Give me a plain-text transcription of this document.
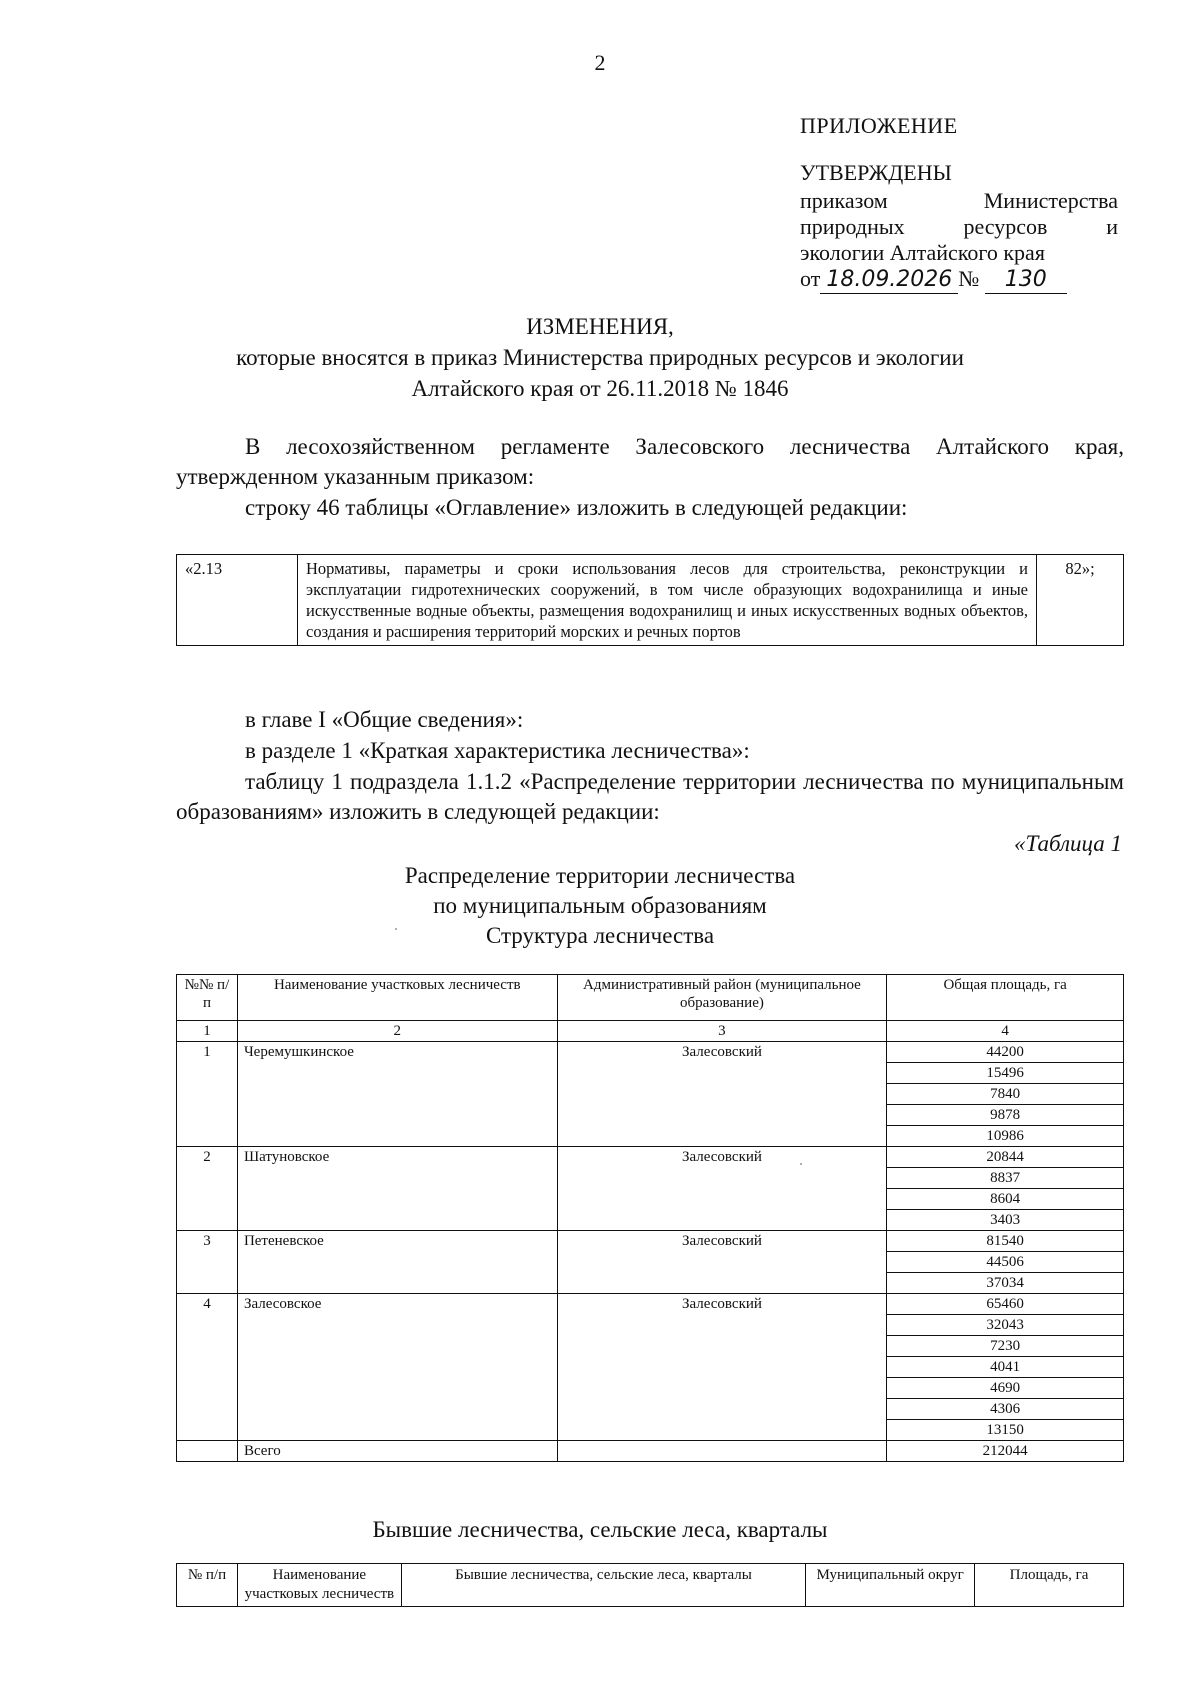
2
ПРИЛОЖЕНИЕ
УТВЕРЖДЕНЫ
приказом      Министерства
природных      ресурсов      и
экологии Алтайского края
от 18.09.2026 № 130
ИЗМЕНЕНИЯ,
которые вносятся в приказ Министерства природных ресурсов и экологии
Алтайского края от 26.11.2018 № 1846
В лесохозяйственном регламенте Залесовского лесничества Алтайского края, утвержденном указанным приказом:
строку 46 таблицы «Оглавление» изложить в следующей редакции:
«2.13	Нормативы, параметры и сроки использования лесов для строительства, реконструкции и эксплуатации гидротехнических сооружений, в том числе образующих водохранилища и иные искусственные водные объекты, размещения водохранилищ и иных искусственных водных объектов, создания и расширения территорий морских и речных портов	82»;
в главе I «Общие сведения»:
в разделе 1 «Краткая характеристика лесничества»:
таблицу 1 подраздела 1.1.2 «Распределение территории лесничества по муниципальным образованиям» изложить в следующей редакции:
«Таблица 1
Распределение территории лесничества
по муниципальным образованиям
Структура лесничества
№№ п/п	Наименование участковых лесничеств	Административный район (муниципальное образование)	Общая площадь, га
1	2	3	4
1	Черемушкинское	Залесовский	44200
			15496
			7840
			9878
			10986
2	Шатуновское	Залесовский	20844
			8837
			8604
			3403
3	Петеневское	Залесовский	81540
			44506
			37034
4	Залесовское	Залесовский	65460
			32043
			7230
			4041
			4690
			4306
			13150
	Всего		212044
Бывшие лесничества, сельские леса, кварталы
№ п/п	Наименование участковых лесничеств	Бывшие лесничества, сельские леса, кварталы	Муниципальный округ	Площадь, га
